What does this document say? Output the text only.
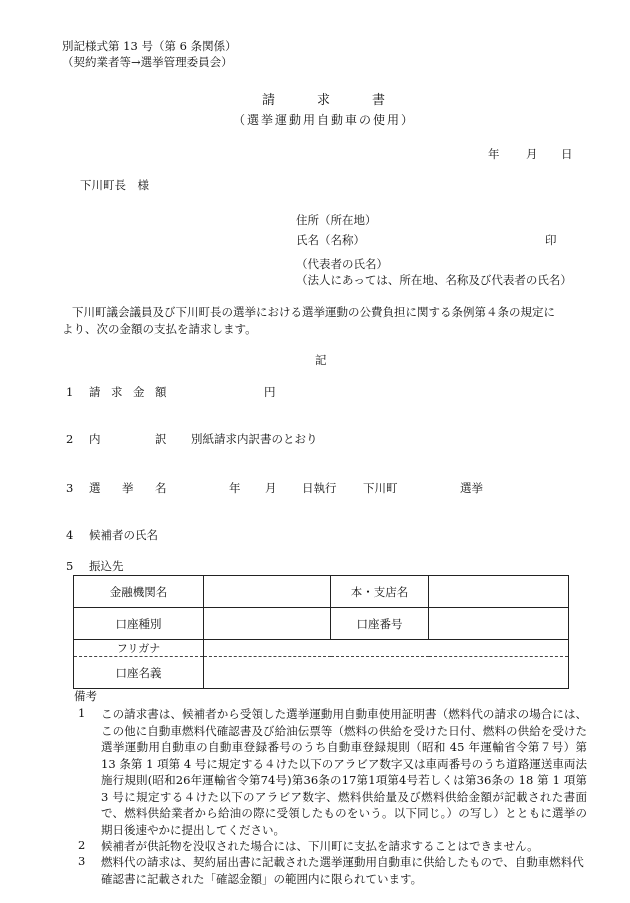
別記様式第 13 号（第 6 条関係）
（契約業者等→選挙管理委員会）
請	求	書
（選挙運動用自動車の使用）
年 月 日
下川町長　様
住所（所在地）
氏名（名称）	印
（代表者の氏名）
（法人にあっては、所在地、名称及び代表者の氏名）
下川町議会議員及び下川町長の選挙における選挙運動の公費負担に関する条例第４条の規定に
より、次の金額の支払を請求します。
記
1 請 求 金 額	円
2 内	訳 別紙請求内訳書のとおり
3 選 挙 名	年 月 日執行 下川町	選挙
4 候補者の氏名
5 振込先
金融機関名		本・支店名	
口座種別		口座番号	
フリガナ			
口座名義			
備考
1 この請求書は、候補者から受領した選挙運動用自動車使用証明書（燃料代の請求の場合には、この他に自動車燃料代確認書及び給油伝票等（燃料の供給を受けた日付、燃料の供給を受けた選挙運動用自動車の自動車登録番号のうち自動車登録規則（昭和 45 年運輸省令第７号）第 13 条第 1 項第 4 号に規定する４けた以下のアラビア数字又は車両番号のうち道路運送車両法施行規則(昭和26年運輸省令第74号)第36条の17第1項第4号若しくは第36条の 18 第 1 項第 3 号に規定する４けた以下のアラビア数字、燃料供給量及び燃料供給金額が記載された書面で、燃料供給業者から給油の際に受領したものをいう。以下同じ。）の写し）とともに選挙の期日後速やかに提出してください。
2 候補者が供託物を没収された場合には、下川町に支払を請求することはできません。
3 燃料代の請求は、契約届出書に記載された選挙運動用自動車に供給したもので、自動車燃料代確認書に記載された「確認金額」の範囲内に限られています。
